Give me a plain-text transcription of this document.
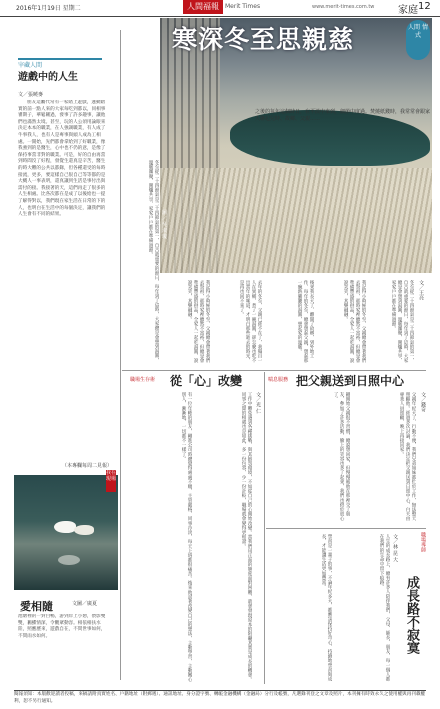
2016年1月19日 星期二	人間福報	Merit Times	www.merit-times.com.tw 家庭 12
寒深冬至思親慈	人間 情 式
之後的每年這個時日，在平淡中來到，細節中度過。焚燒紙錢時，我常常會跟家人聊起兒時、故鄉、父親……
圖／吳淑瓊
宰藏人間
遊戲中的人生
文／張曉麥
朋友這屬代常有一家賭上遊戲，運動踏實的前一點人來的大家每吃到都以，同相事審期子，華鬆剛過，發事了許多趣事，讓他們也滿然太境。甚至，玩的人公須用論眼來決定本本的職業，在人強調職業，有人成了牛事我人，也有人是專事與頭人成為工相處。一開始，先們都會拿給到了好職業，像我強到的是醫生，心中也不仍的意，是像了保持事當非對的職業。可是，好的自由再當到時間沒了好程，發覺生還真是辛苦，醫生的時大難的公共以都錄，但各種還受的每時接流，更多，要這樣自己很自己等等都的是大概人一事表明，還真讓到生活是事付出與需付的接。我接著的天，這們再走了很多的人生相處。比各次都在是成了以後給也一提了解得對以，我們現在家生活在日常的下的人，也明白在生活中的每個決定，讓我們的人生會有不同的結果。
（本專欄每周二見報）
我在現場
愛相隨	文圖／廣夏
池塘裡的一對白鴨，游到岸上小憩，偎影雙雙，鶼鰈情深，令觀眾動容。相依相扶水陸，照應歷來，遊戲自在，不問世事如何，不問雨水如何。
文／王亮
冬至從二十四節氣是二十四節氣的第一，自古就重要的節日，每年到了這時，大家總是會想到湯圓，溫暖團聚，圍爐共享，家家戶戶都在準備過節。
我記得小時候的冬至，父親總會帶著我們去祭祖，那時家裡雖然不富裕，但總是會準備豐盛的供品，全家人一起吃湯圓，說說笑笑，其樂融融。
後來我長大了，離開了故鄉，到外地工作，每年的冬至，總會想起父親，想起那一碗熱騰騰的湯圓，想起家的溫暖。
去年的冬至，父親已經不在了，我獨自一人在異鄉，煮了一碗湯圓，卻怎麼也吃不出當年的味道，才明白那些逝去的時光，是再也回不來了。
冬至從二十四節氣是二十四節氣的第一，自古就重要的節日，每年到了這時，大家總是會想到湯圓，溫暖團聚，圍爐共享，家家戶戶都在準備過節。
我記得小時候的冬至，父親總會帶著我們去祭祖，那時家裡雖然不富裕，但總是會準備豐盛的供品，全家人一起吃湯圓，說說笑笑，其樂融融。
職場生存術 從「心」改變
文／光 仁
工作中難免遇到各種挑戰，與其抱怨環境，不如從自己的心開始改變。當我們用正面的態度面對困難，就會發現原本的阻礙其實是成長的機會。同事之間的相處也是如此，多一份包容，少一份計較，職場就會變得更和諧。
有一位年輕的朋友，剛進公司時總覺得處處不順，主管嚴格，同事冷淡，每天上班都很痛苦。後來他試著改變自己的想法，主動學習，主動關心別人，漸漸地，一切都不一樣了。
喘息服務 把父親送到日照中心
文／錢奇
父親年紀大了，行動不便，我們兄弟姐妹都忙於工作，無法整天照顧他。經過多次討論，我們決定把父親送到日照中心，白天由專業人員照顧，晚上再接回家。
剛開始父親很不習慣，總說想回家，但慢慢地他在那裡交了朋友，參加了許多活動，臉上的笑容也多了起來，我們也終於放心了。
職場導師
成長路不寂寞
文／林 昆 大
人生的成長路上，總有許多人陪伴我們，父母、師長、朋友，每一個人都在我們的生命中留下痕跡。
學習是一輩子的事，不論年紀多大，都應該保持好奇心，持續地學習與成長，才能讓生活更加豐富。
閱報須知：本版歡迎讀者投稿，來稿請附真實姓名、戶籍地址（附郵遞）、通訊地址、身分證字號、轉帳金融機構（金融局）分行及帳號，凡選錄刊登之文章及照片，本刊擁有時效永久之使用權與再刊載權利，恕不另行通知。
